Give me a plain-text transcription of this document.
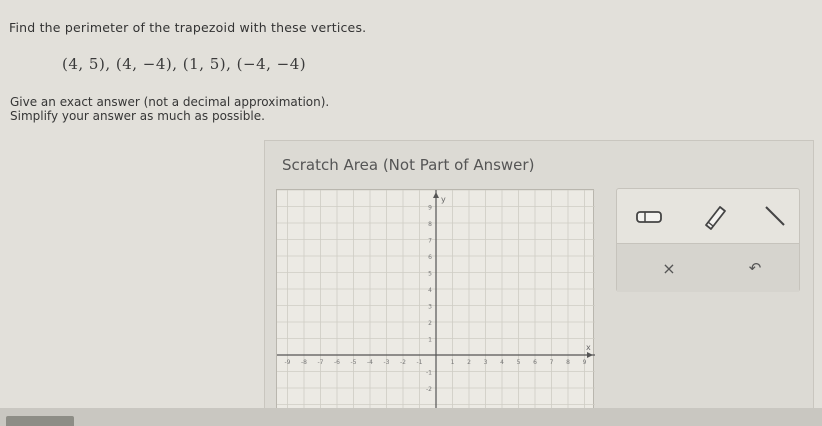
Find the perimeter of the trapezoid with these vertices.
(4, 5), (4, −4), (1, 5), (−4, −4)
Give an exact answer (not a decimal approximation).
Simplify your answer as much as possible.
Scratch Area (Not Part of Answer)
y
x
9
8
7
6
5
4
3
2
1
-1
-2
-9 -8 -7 -6 -5 -4 -3 -2 -1	1 2 3 4 5 6 7 8 9
×	↶
